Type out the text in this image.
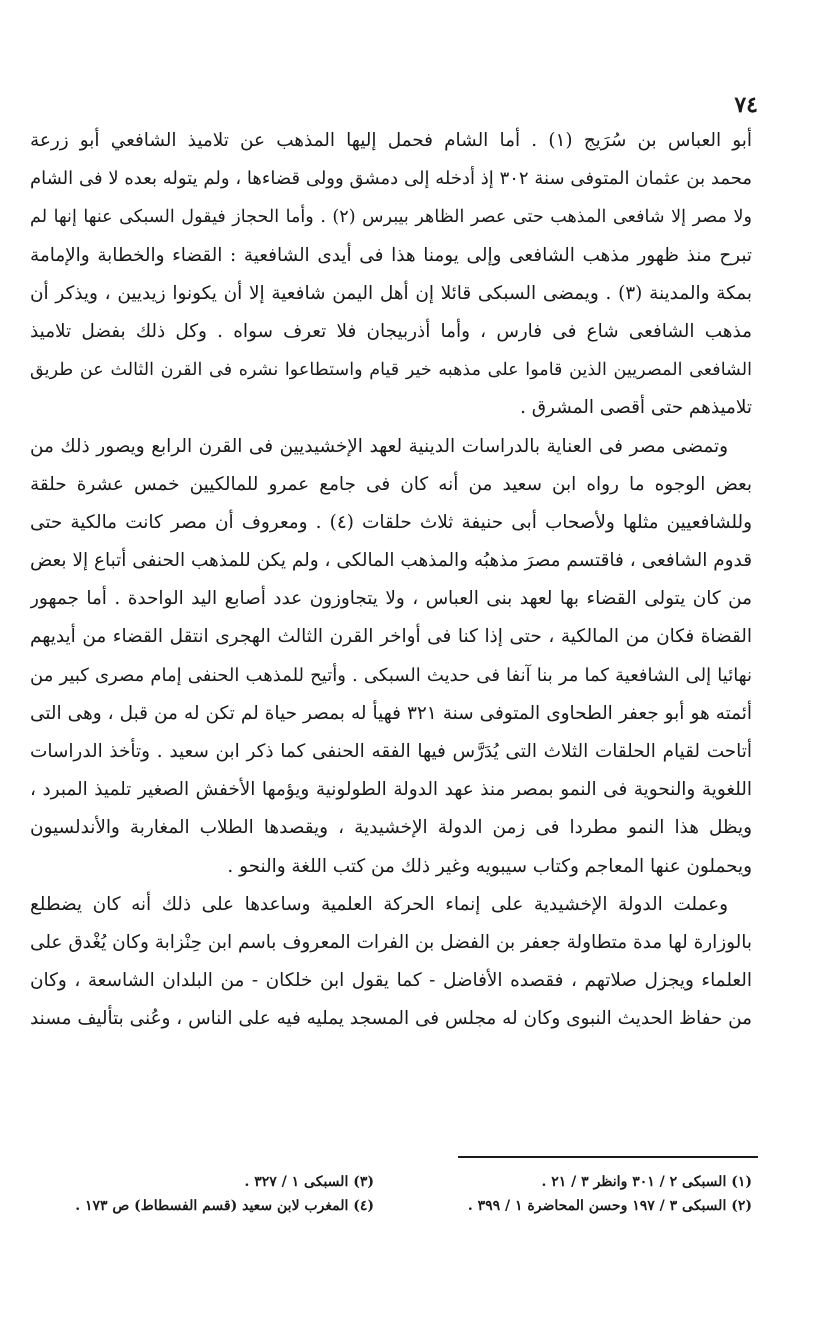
٧٤
أبو العباس بن سُرَيج (١) . أما الشام فحمل إليها المذهب عن تلاميذ الشافعي أبو زرعة
محمد بن عثمان المتوفى سنة ٣٠٢ إذ أدخله إلى دمشق وولى قضاءها ، ولم يتوله بعده لا فى الشام
ولا مصر إلا شافعى المذهب حتى عصر الظاهر بيبرس (٢) . وأما الحجاز فيقول السبكى عنها إنها لم
تبرح منذ ظهور مذهب الشافعى وإلى يومنا هذا فى أيدى الشافعية : القضاء والخطابة والإمامة
بمكة والمدينة (٣) . ويمضى السبكى قائلا إن أهل اليمن شافعية إلا أن يكونوا زيديين ، ويذكر أن
مذهب الشافعى شاع فى فارس ، وأما أذربيجان فلا تعرف سواه . وكل ذلك بفضل تلاميذ
الشافعى المصريين الذين قاموا على مذهبه خير قيام واستطاعوا نشره فى القرن الثالث عن طريق
تلاميذهم حتى أقصى المشرق .
وتمضى مصر فى العناية بالدراسات الدينية لعهد الإخشيديين فى القرن الرابع ويصور ذلك من
بعض الوجوه ما رواه ابن سعيد من أنه كان فى جامع عمرو للمالكيين خمس عشرة حلقة
وللشافعيين مثلها ولأصحاب أبى حنيفة ثلاث حلقات (٤) . ومعروف أن مصر كانت مالكية حتى
قدوم الشافعى ، فاقتسم مصرَ مذهبُه والمذهب المالكى ، ولم يكن للمذهب الحنفى أتباع إلا بعض
من كان يتولى القضاء بها لعهد بنى العباس ، ولا يتجاوزون عدد أصابع اليد الواحدة . أما جمهور
القضاة فكان من المالكية ، حتى إذا كنا فى أواخر القرن الثالث الهجرى انتقل القضاء من أيديهم
نهائيا إلى الشافعية كما مر بنا آنفا فى حديث السبكى . وأتيح للمذهب الحنفى إمام مصرى كبير من
أئمته هو أبو جعفر الطحاوى المتوفى سنة ٣٢١ فهيأ له بمصر حياة لم تكن له من قبل ، وهى التى
أتاحت لقيام الحلقات الثلاث التى يُدَرَّس فيها الفقه الحنفى كما ذكر ابن سعيد . وتأخذ الدراسات
اللغوية والنحوية فى النمو بمصر منذ عهد الدولة الطولونية ويؤمها الأخفش الصغير تلميذ المبرد ،
ويظل هذا النمو مطردا فى زمن الدولة الإخشيدية ، ويقصدها الطلاب المغاربة والأندلسيون
ويحملون عنها المعاجم وكتاب سيبويه وغير ذلك من كتب اللغة والنحو .
وعملت الدولة الإخشيدية على إنماء الحركة العلمية وساعدها على ذلك أنه كان يضطلع
بالوزارة لها مدة متطاولة جعفر بن الفضل بن الفرات المعروف باسم ابن حِنْزابة وكان يُغْدق على
العلماء ويجزل صلاتهم ، فقصده الأفاضل - كما يقول ابن خلكان - من البلدان الشاسعة ، وكان
من حفاظ الحديث النبوى وكان له مجلس فى المسجد يمليه فيه على الناس ، وعُنى بتأليف مسند
(١) السبكى ٢ / ٣٠١ وانظر ٣ / ٢١ .
(٢) السبكى ٣ / ١٩٧ وحسن المحاضرة ١ / ٣٩٩ .
(٣) السبكى ١ / ٣٢٧ .
(٤) المغرب لابن سعيد (قسم الفسطاط) ص ١٧٣ .
